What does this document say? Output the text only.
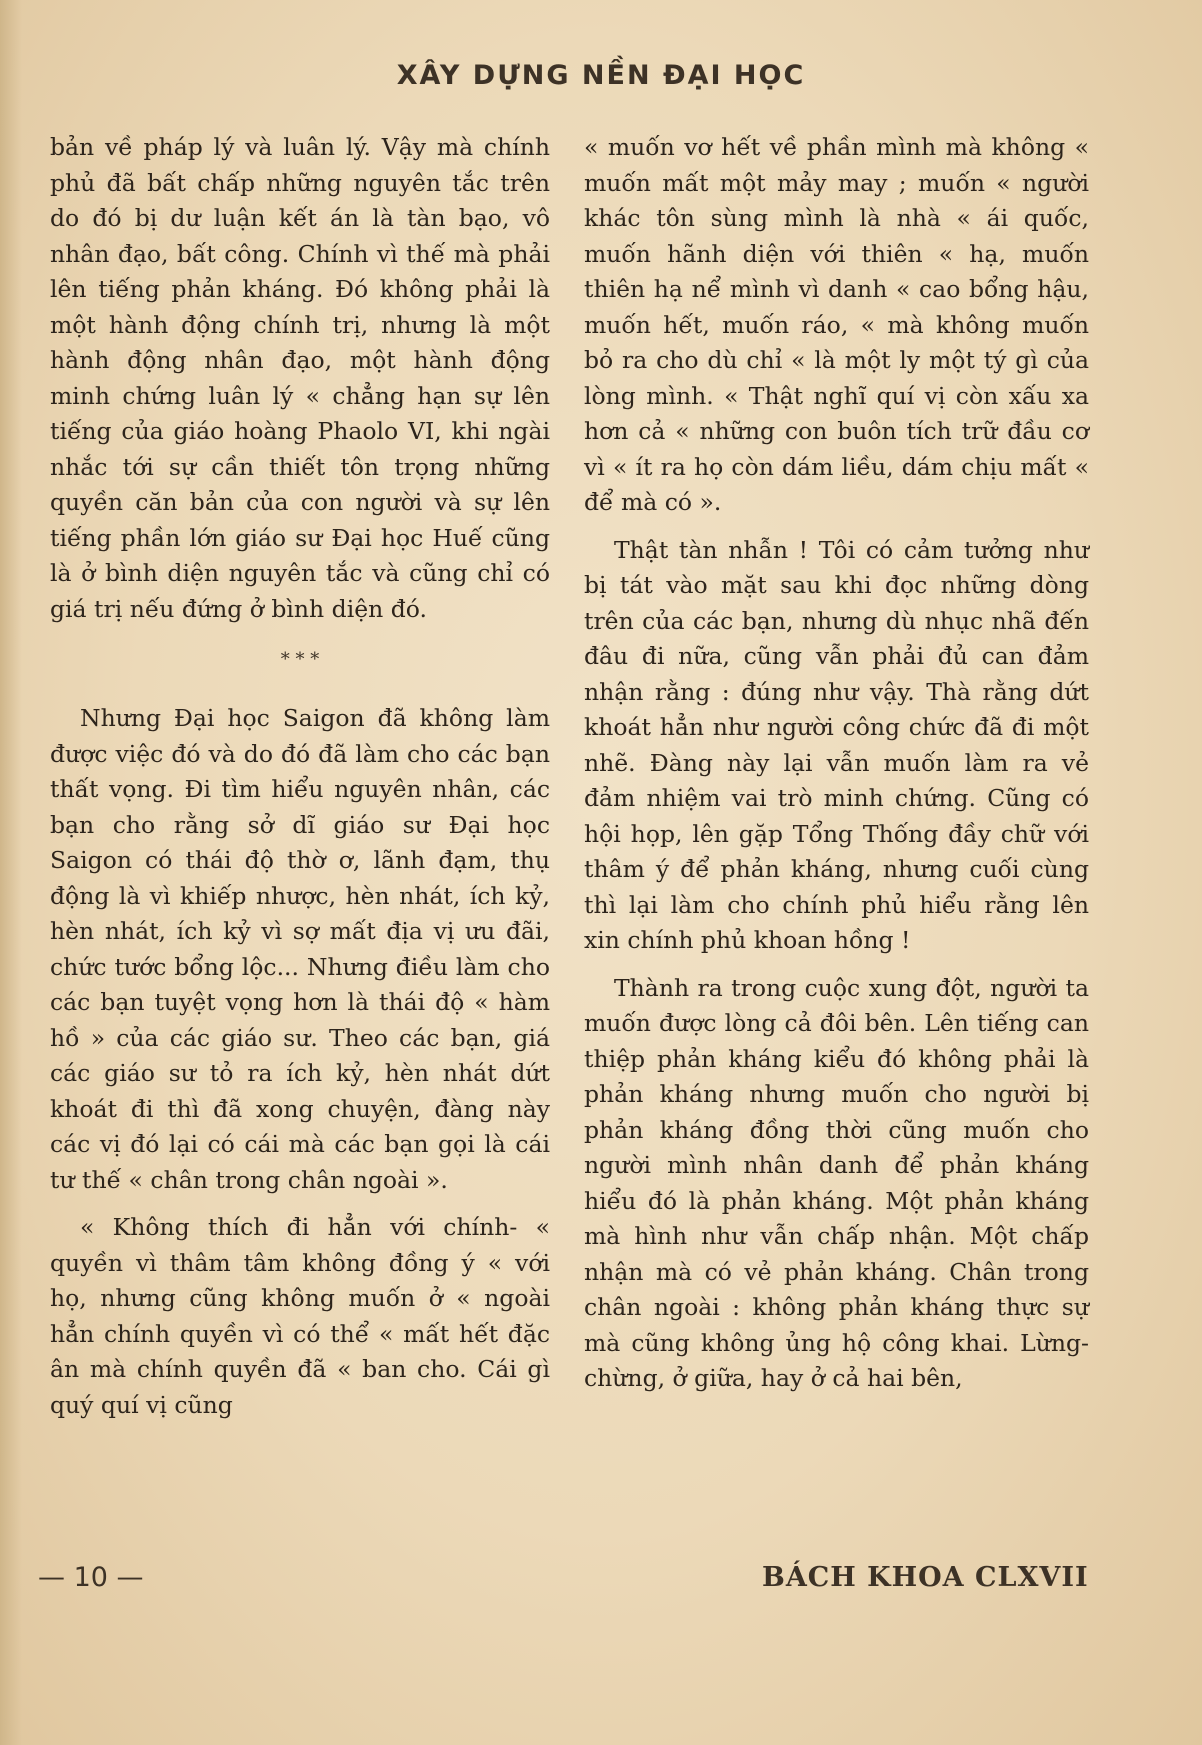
XÂY DỰNG NỀN ĐẠI HỌC

bản về pháp lý và luân lý. Vậy mà chính phủ đã bất chấp những nguyên tắc trên do đó bị dư luận kết án là tàn bạo, vô nhân đạo, bất công. Chính vì thế mà phải lên tiếng phản kháng. Đó không phải là một hành động chính trị, nhưng là một hành động nhân đạo, một hành động minh chứng luân lý « chẳng hạn sự lên tiếng của giáo hoàng Phaolo VI, khi ngài nhắc tới sự cần thiết tôn trọng những quyền căn bản của con người và sự lên tiếng phần lớn giáo sư Đại học Huế cũng là ở bình diện nguyên tắc và cũng chỉ có giá trị nếu đứng ở bình diện đó.

* * *

Nhưng Đại học Saigon đã không làm được việc đó và do đó đã làm cho các bạn thất vọng. Đi tìm hiểu nguyên nhân, các bạn cho rằng sở dĩ giáo sư Đại học Saigon có thái độ thờ ơ, lãnh đạm, thụ động là vì khiếp nhược, hèn nhát, ích kỷ, hèn nhát, ích kỷ vì sợ mất địa vị ưu đãi, chức tước bổng lộc... Nhưng điều làm cho các bạn tuyệt vọng hơn là thái độ « hàm hồ » của các giáo sư. Theo các bạn, giá các giáo sư tỏ ra ích kỷ, hèn nhát dứt khoát đi thì đã xong chuyện, đàng này các vị đó lại có cái mà các bạn gọi là cái tư thế « chân trong chân ngoài ».

« Không thích đi hẳn với chính- « quyền vì thâm tâm không đồng ý « với họ, nhưng cũng không muốn ở « ngoài hẳn chính quyền vì có thể « mất hết đặc ân mà chính quyền đã « ban cho. Cái gì quý quí vị cũng

« muốn vơ hết về phần mình mà không « muốn mất một mảy may ; muốn « người khác tôn sùng mình là nhà « ái quốc, muốn hãnh diện với thiên « hạ, muốn thiên hạ nể mình vì danh « cao bổng hậu, muốn hết, muốn ráo, « mà không muốn bỏ ra cho dù chỉ « là một ly một tý gì của lòng mình. « Thật nghĩ quí vị còn xấu xa hơn cả « những con buôn tích trữ đầu cơ vì « ít ra họ còn dám liều, dám chịu mất « để mà có ».

Thật tàn nhẫn ! Tôi có cảm tưởng như bị tát vào mặt sau khi đọc những dòng trên của các bạn, nhưng dù nhục nhã đến đâu đi nữa, cũng vẫn phải đủ can đảm nhận rằng : đúng như vậy. Thà rằng dứt khoát hẳn như người công chức đã đi một nhẽ. Đàng này lại vẫn muốn làm ra vẻ đảm nhiệm vai trò minh chứng. Cũng có hội họp, lên gặp Tổng Thống đầy chữ với thâm ý để phản kháng, nhưng cuối cùng thì lại làm cho chính phủ hiểu rằng lên xin chính phủ khoan hồng !

Thành ra trong cuộc xung đột, người ta muốn được lòng cả đôi bên. Lên tiếng can thiệp phản kháng kiểu đó không phải là phản kháng nhưng muốn cho người bị phản kháng đồng thời cũng muốn cho người mình nhân danh để phản kháng hiểu đó là phản kháng. Một phản kháng mà hình như vẫn chấp nhận. Một chấp nhận mà có vẻ phản kháng. Chân trong chân ngoài : không phản kháng thực sự mà cũng không ủng hộ công khai. Lừng- chừng, ở giữa, hay ở cả hai bên,

— 10 —	BÁCH KHOA CLXVII
